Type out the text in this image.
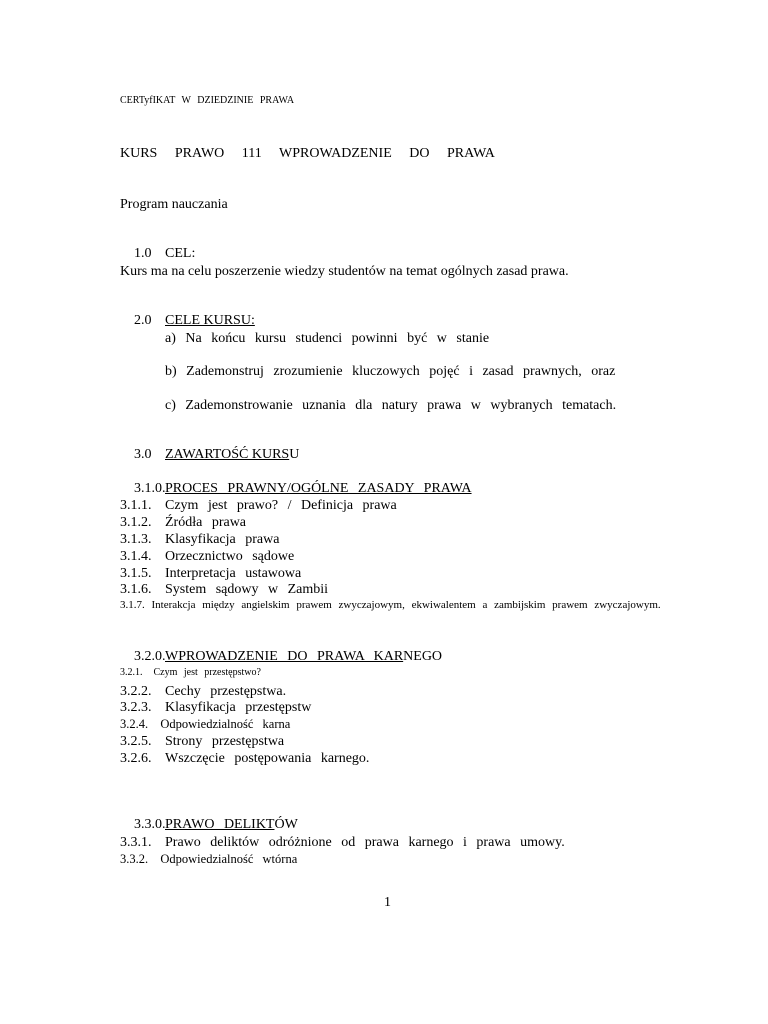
CERTyfIKAT W DZIEDZINIE PRAWA
KURS PRAWO 111 WPROWADZENIE DO PRAWA
Program nauczania

1.0 CEL:

Kurs ma na celu poszerzenie wiedzy studentów na temat ogólnych zasad prawa.

2.0 CELE KURSU:

a) Na końcu kursu studenci powinni być w stanie
b) Zademonstruj zrozumienie kluczowych pojęć i zasad prawnych, oraz
c) Zademonstrowanie uznania dla natury prawa w wybranych tematach.

3.0 ZAWARTOŚĆ KURSU

3.1.0. PROCES PRAWNY/OGÓLNE ZASADY PRAWA

3.1.1. Czym jest prawo? / Definicja prawa
3.1.2. Źródła prawa
3.1.3. Klasyfikacja prawa
3.1.4. Orzecznictwo sądowe
3.1.5. Interpretacja ustawowa
3.1.6. System sądowy w Zambii
3.1.7. Interakcja między angielskim prawem zwyczajowym, ekwiwalentem a zambijskim prawem zwyczajowym.

3.2.0. WPROWADZENIE DO PRAWA KARNEGO

3.2.1. Czym jest przestępstwo?
3.2.2. Cechy przestępstwa.
3.2.3. Klasyfikacja przestępstw
3.2.4. Odpowiedzialność karna
3.2.5. Strony przestępstwa
3.2.6. Wszczęcie postępowania karnego.

3.3.0. PRAWO DELIKTÓW

3.3.1. Prawo deliktów odróżnione od prawa karnego i prawa umowy.
3.3.2. Odpowiedzialność wtórna
1
